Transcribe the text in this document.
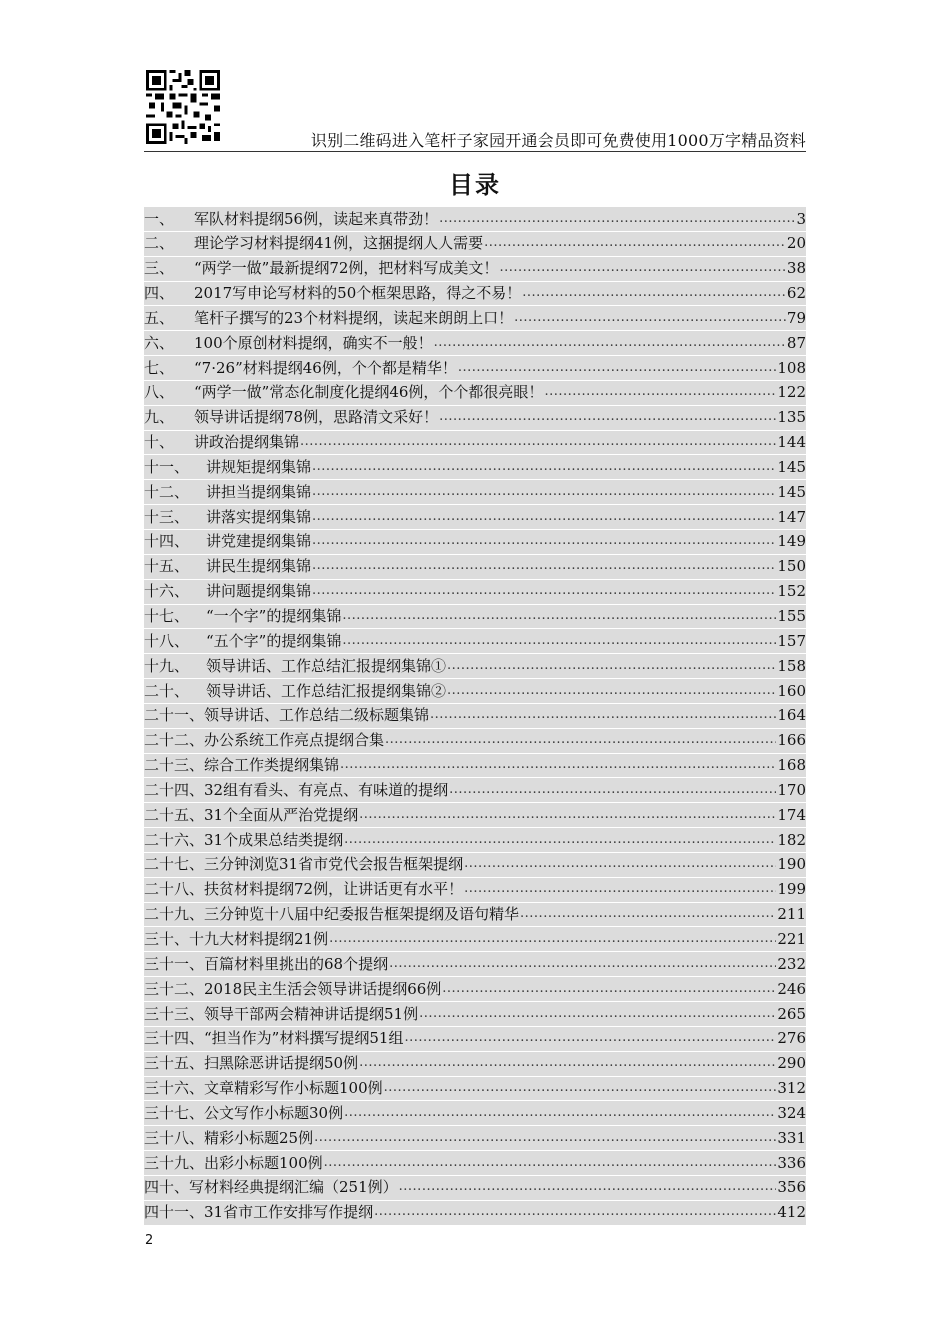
识别二维码进入笔杆子家园开通会员即可免费使用1000万字精品资料
目录
一、	军队材料提纲56例，读起来真带劲！ .....	3
二、	理论学习材料提纲41例，这捆提纲人人需要 .....	20
三、	“两学一做”最新提纲72例，把材料写成美文！ .....	38
四、	2017写申论写材料的50个框架思路，得之不易！ .....	62
五、	笔杆子撰写的23个材料提纲，读起来朗朗上口！ .....	79
六、	100个原创材料提纲，确实不一般！ .....	87
七、	“7·26”材料提纲46例，个个都是精华！ .....	108
八、	“两学一做”常态化制度化提纲46例，个个都很亮眼！ .....	122
九、	领导讲话提纲78例，思路清文采好！ .....	135
十、	讲政治提纲集锦 .....	144
十一、	讲规矩提纲集锦 .....	145
十二、	讲担当提纲集锦 .....	145
十三、	讲落实提纲集锦 .....	147
十四、	讲党建提纲集锦 .....	149
十五、	讲民生提纲集锦 .....	150
十六、	讲问题提纲集锦 .....	152
十七、	“一个字”的提纲集锦 .....	155
十八、	“五个字”的提纲集锦 .....	157
十九、	领导讲话、工作总结汇报提纲集锦① .....	158
二十、	领导讲话、工作总结汇报提纲集锦② .....	160
二十一、 领导讲话、工作总结二级标题集锦 .....	164
二十二、 办公系统工作亮点提纲合集 .....	166
二十三、 综合工作类提纲集锦 .....	168
二十四、 32组有看头、有亮点、有味道的提纲 .....	170
二十五、 31个全面从严治党提纲 .....	174
二十六、 31个成果总结类提纲 .....	182
二十七、 三分钟浏览31省市党代会报告框架提纲 .....	190
二十八、 扶贫材料提纲72例，让讲话更有水平！ .....	199
二十九、 三分钟览十八届中纪委报告框架提纲及语句精华 .....	211
三十、 十九大材料提纲21例 .....	221
三十一、 百篇材料里挑出的68个提纲 .....	232
三十二、 2018民主生活会领导讲话提纲66例 .....	246
三十三、 领导干部两会精神讲话提纲51例 .....	265
三十四、 “担当作为”材料撰写提纲51组 .....	276
三十五、 扫黑除恶讲话提纲50例 .....	290
三十六、 文章精彩写作小标题100例 .....	312
三十七、 公文写作小标题30例 .....	324
三十八、 精彩小标题25例 .....	331
三十九、 出彩小标题100例 .....	336
四十、 写材料经典提纲汇编（251例） .....	356
四十一、 31省市工作安排写作提纲 .....	412
2
